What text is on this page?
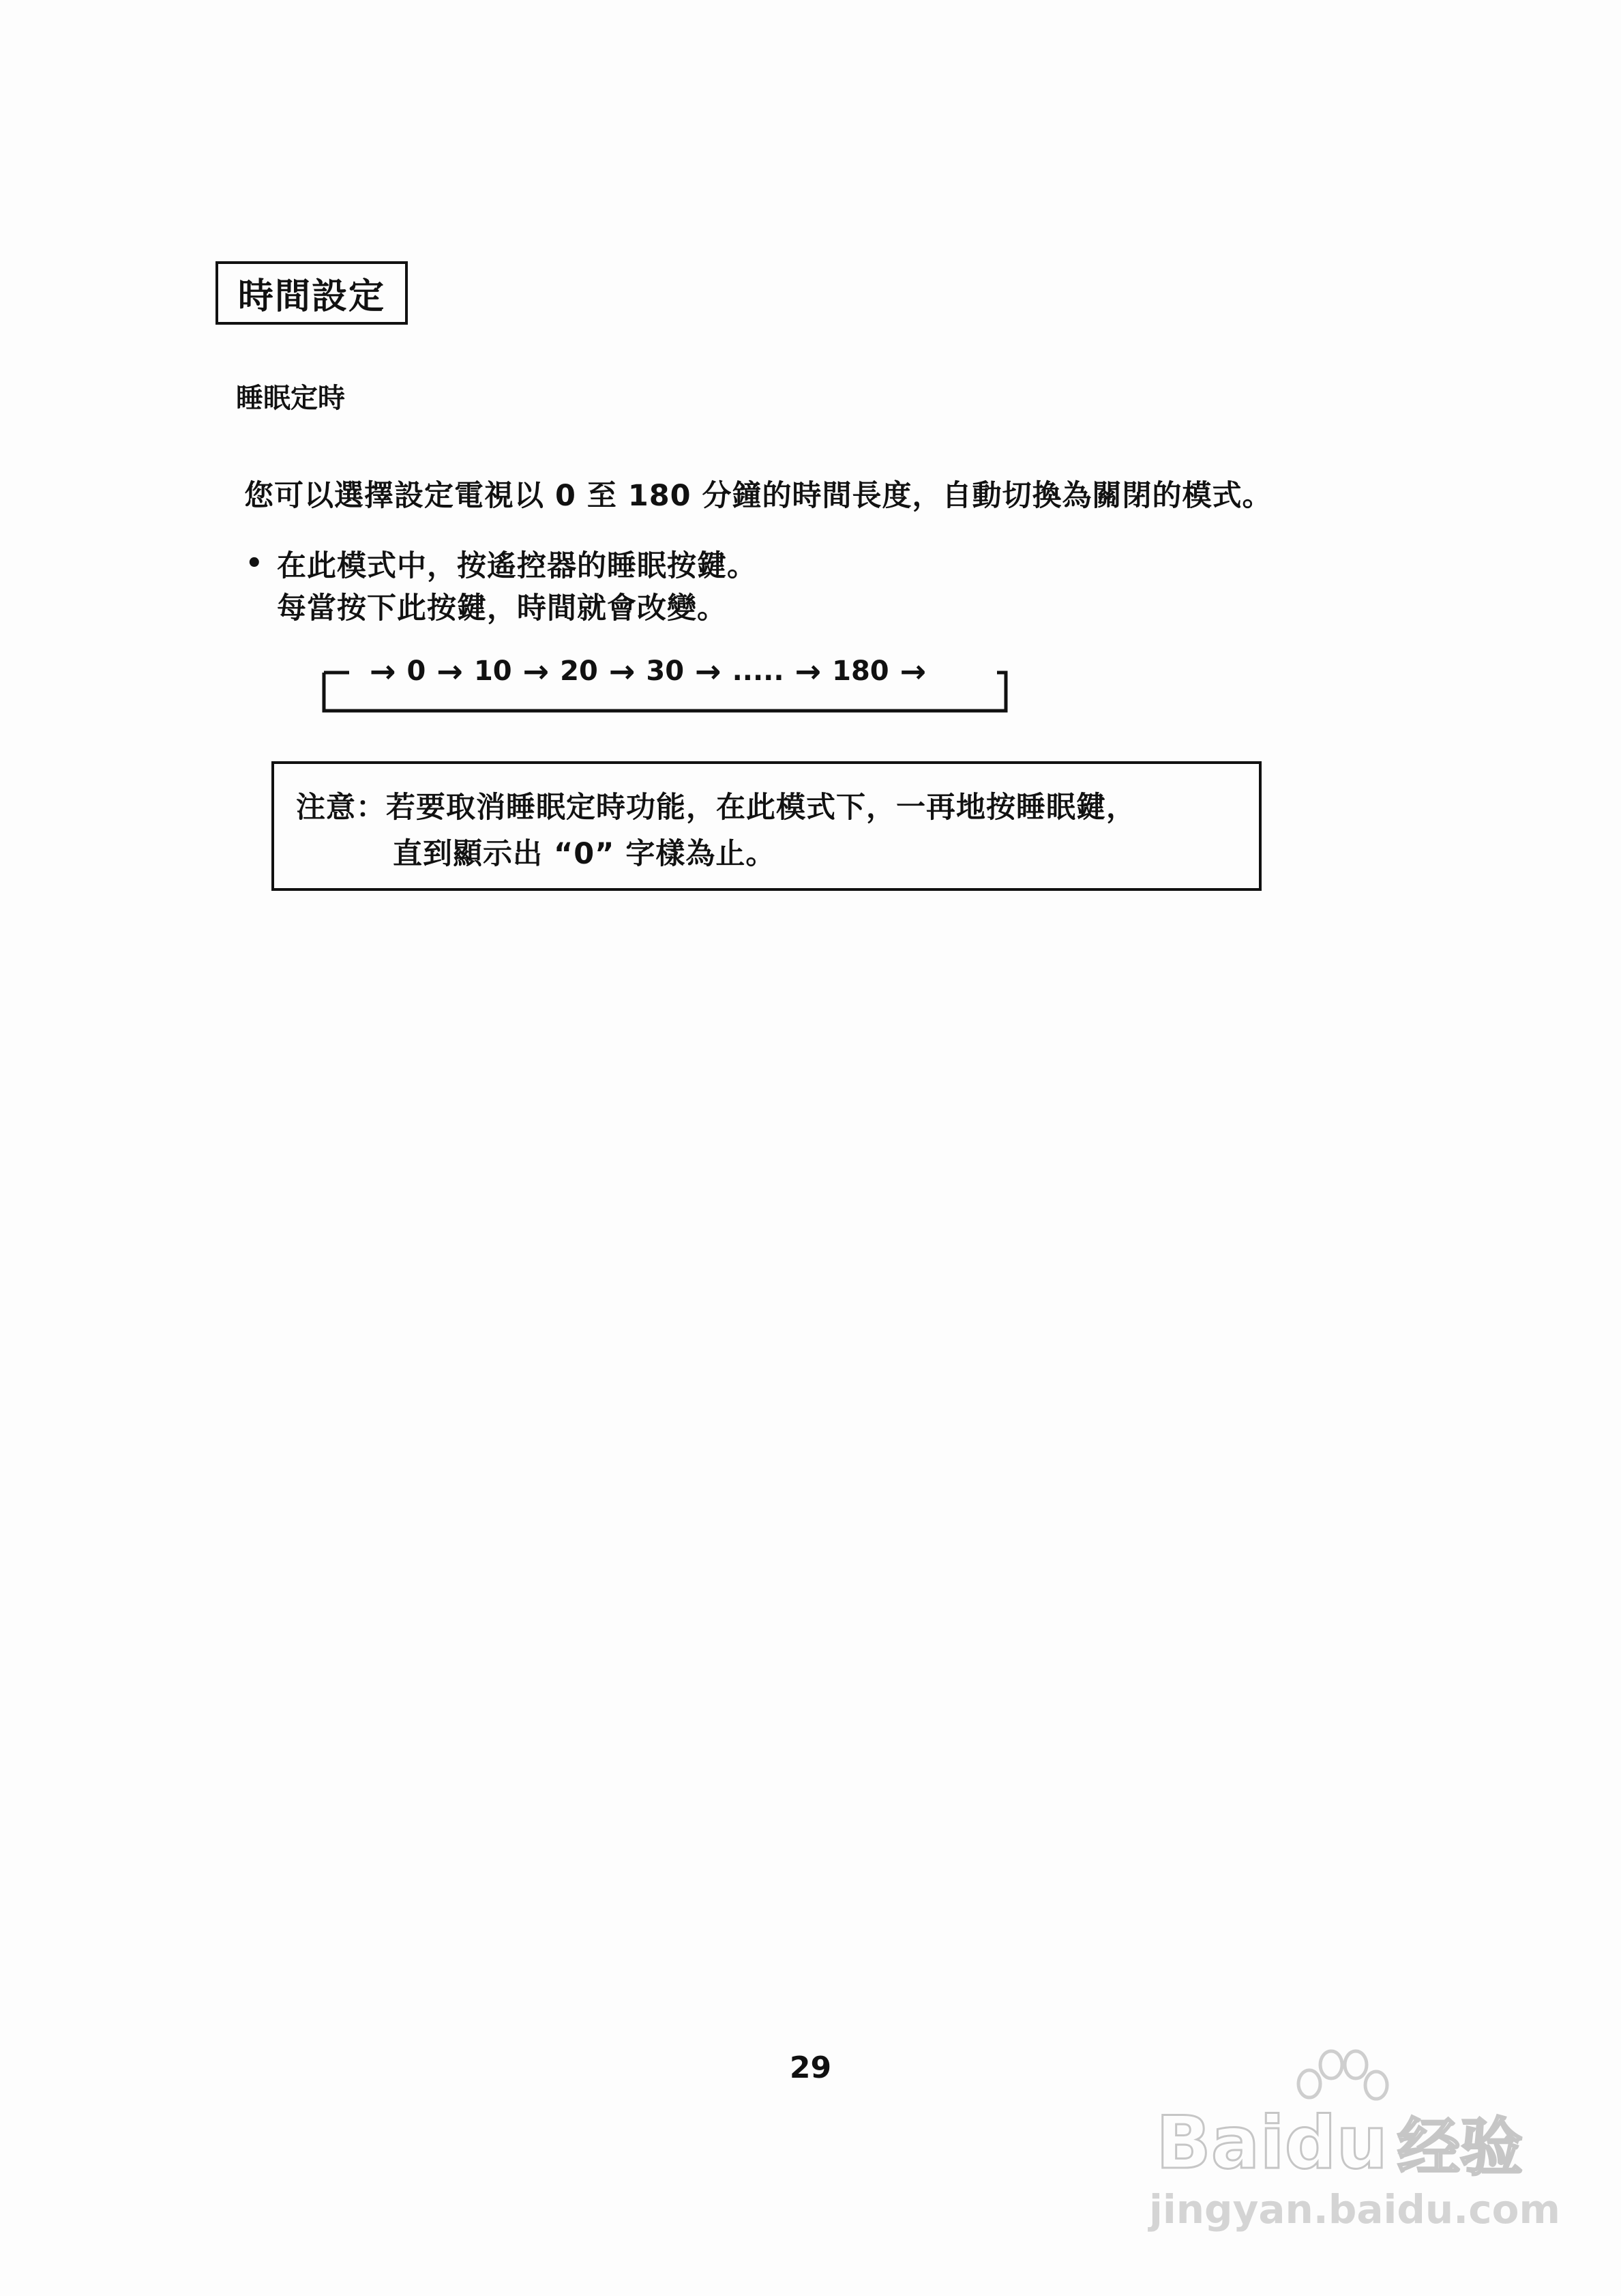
時間設定
睡眠定時
您可以選擇設定電視以 0 至 180 分鐘的時間長度，自動切換為關閉的模式。
• 在此模式中，按遙控器的睡眠按鍵。
每當按下此按鍵，時間就會改變。
→ 0 → 10 → 20 → 30 → ..... → 180 →
注意：若要取消睡眠定時功能，在此模式下，一再地按睡眠鍵，
直到顯示出 “0” 字樣為止。
29
Bai du 经验
jingyan.baidu.com
